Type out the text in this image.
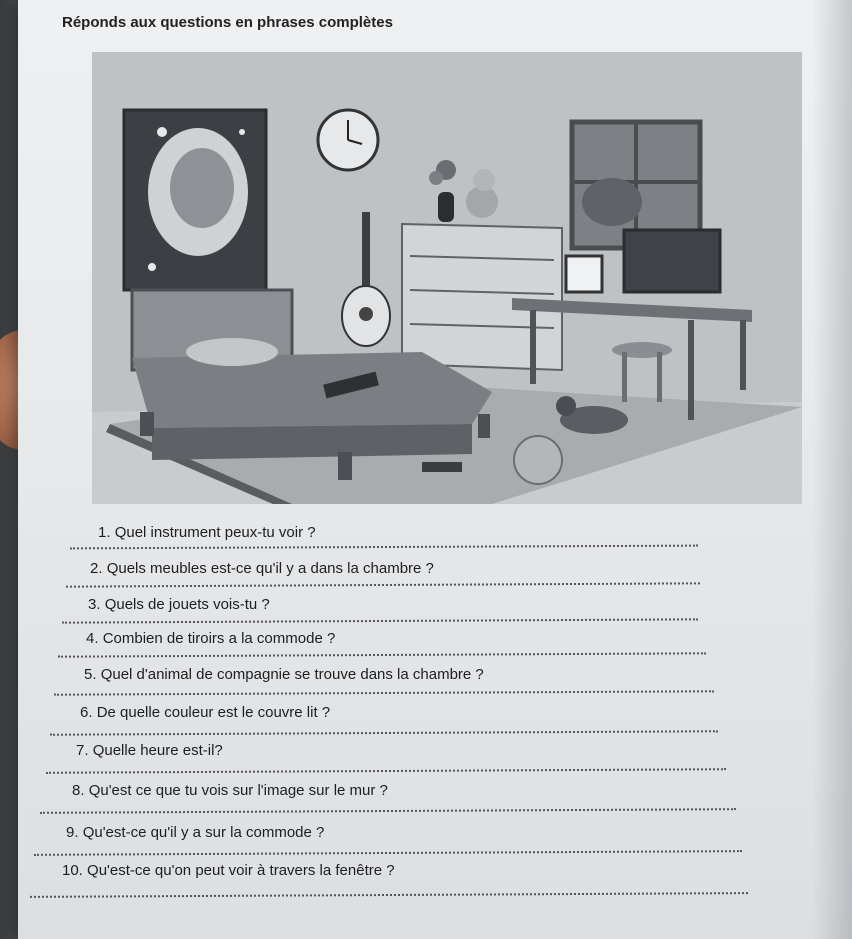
Réponds aux questions en phrases complètes
1. Quel instrument peux-tu voir ?
2. Quels meubles est-ce qu'il y a dans la chambre ?
3. Quels de jouets vois-tu ?
4. Combien de tiroirs a la commode ?
5. Quel d'animal de compagnie se trouve dans la chambre ?
6. De quelle couleur est le couvre lit ?
7. Quelle heure est-il?
8. Qu'est ce que tu vois sur l'image sur le mur ?
9. Qu'est-ce qu'il y a sur la commode ?
10. Qu'est-ce qu'on peut voir à travers la fenêtre ?
